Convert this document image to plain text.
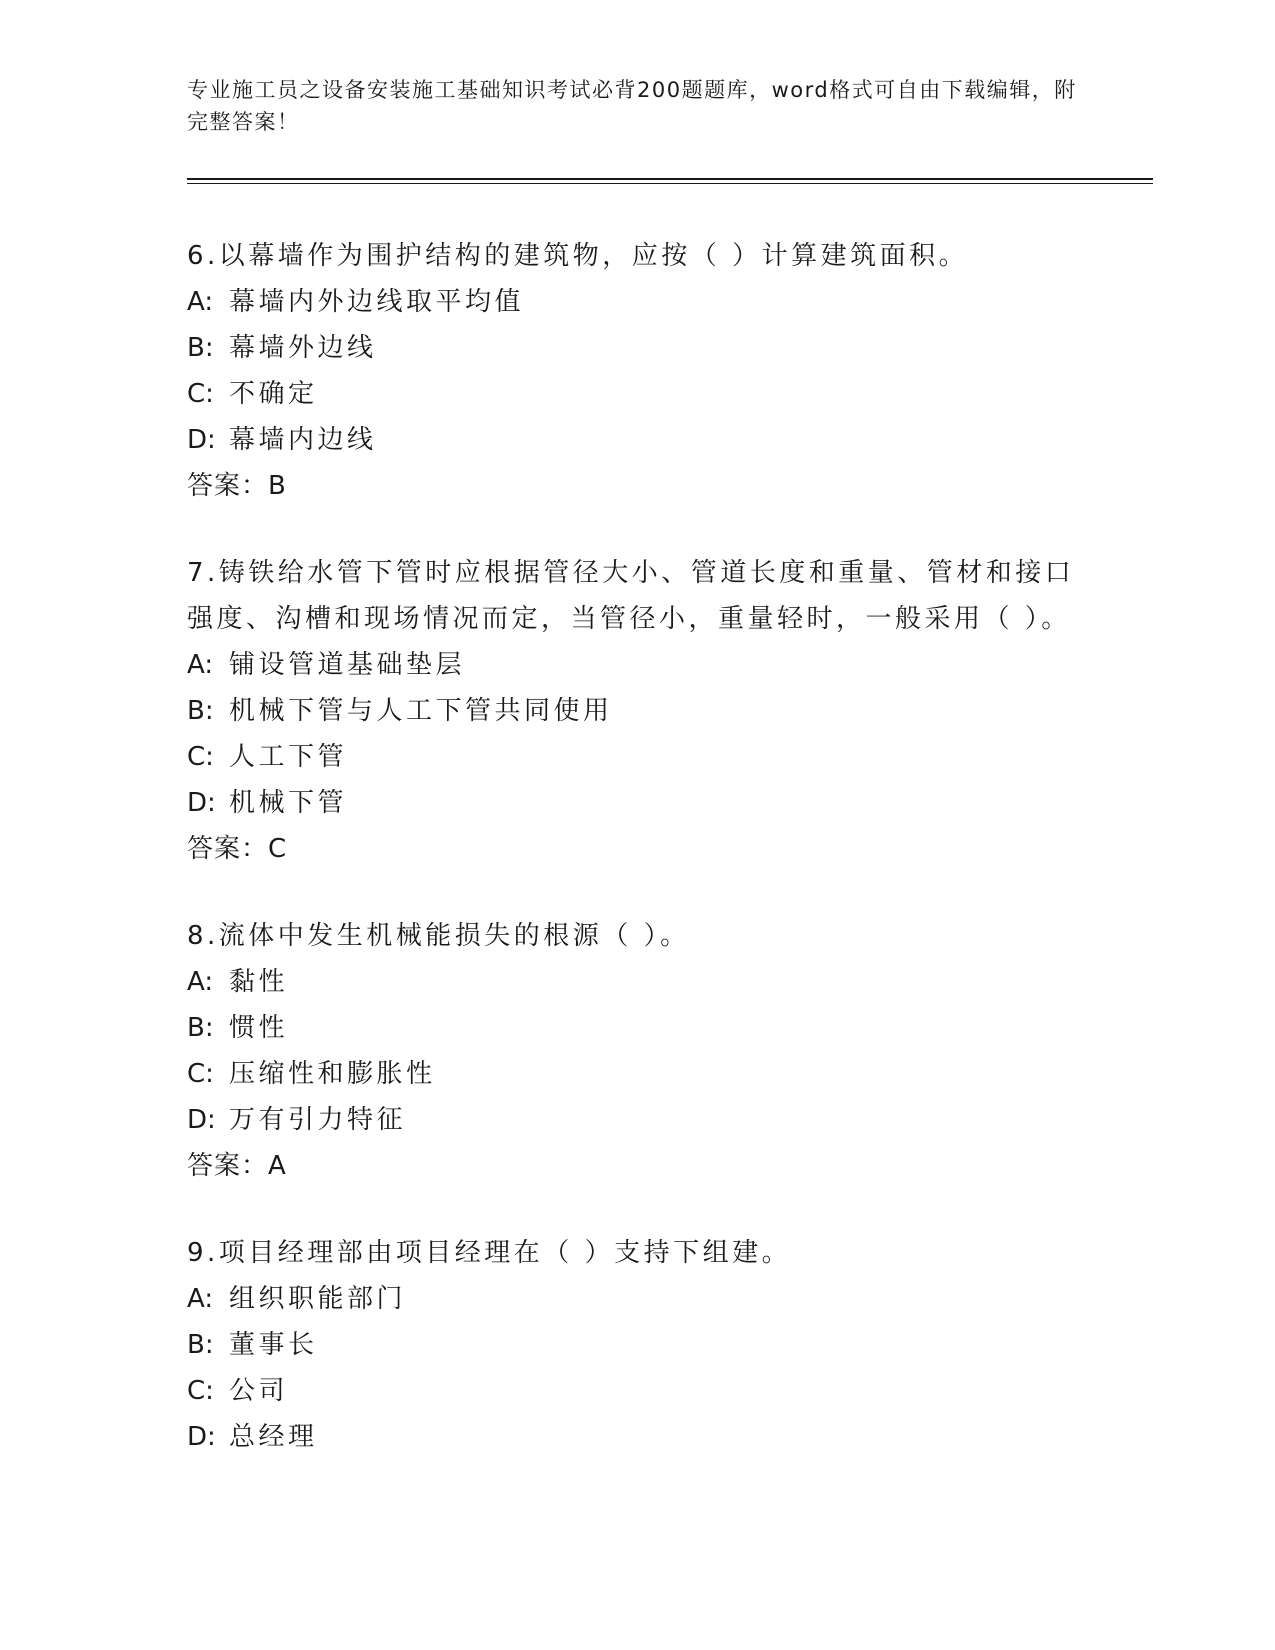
专业施工员之设备安装施工基础知识考试必背200题题库，word格式可自由下载编辑，附完整答案！

6.以幕墙作为围护结构的建筑物，应按（ ）计算建筑面积。

A: 幕墙内外边线取平均值

B: 幕墙外边线

C: 不确定

D: 幕墙内边线

答案：B

7.铸铁给水管下管时应根据管径大小、管道长度和重量、管材和接口强度、沟槽和现场情况而定，当管径小，重量轻时，一般采用（ ）。

A: 铺设管道基础垫层

B: 机械下管与人工下管共同使用

C: 人工下管

D: 机械下管

答案：C

8.流体中发生机械能损失的根源（ ）。

A: 黏性

B: 惯性

C: 压缩性和膨胀性

D: 万有引力特征

答案：A

9.项目经理部由项目经理在（ ）支持下组建。

A: 组织职能部门

B: 董事长

C: 公司

D: 总经理
